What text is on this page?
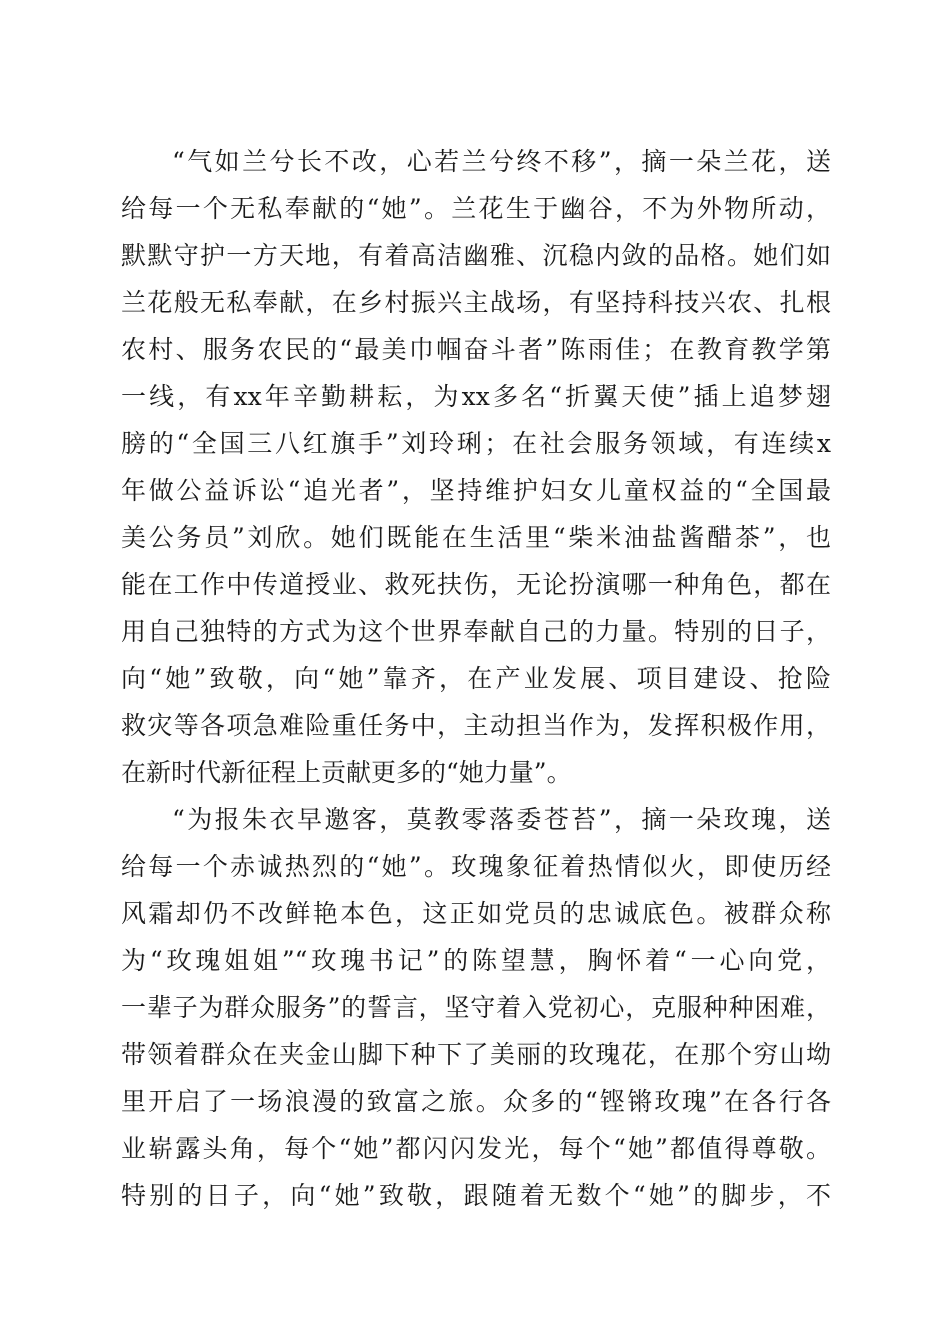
“气如兰兮长不改，心若兰兮终不移”，摘一朵兰花，送
给每一个无私奉献的“她”。兰花生于幽谷，不为外物所动，
默默守护一方天地，有着高洁幽雅、沉稳内敛的品格。她们如
兰花般无私奉献，在乡村振兴主战场，有坚持科技兴农、扎根
农村、服务农民的“最美巾帼奋斗者”陈雨佳；在教育教学第
一线，有xx年辛勤耕耘，为xx多名“折翼天使”插上追梦翅
膀的“全国三八红旗手”刘玲琍；在社会服务领域，有连续x
年做公益诉讼“追光者”，坚持维护妇女儿童权益的“全国最
美公务员”刘欣。她们既能在生活里“柴米油盐酱醋茶”，也
能在工作中传道授业、救死扶伤，无论扮演哪一种角色，都在
用自己独特的方式为这个世界奉献自己的力量。特别的日子，
向“她”致敬，向“她”靠齐，在产业发展、项目建设、抢险
救灾等各项急难险重任务中，主动担当作为，发挥积极作用，
在新时代新征程上贡献更多的“她力量”。
“为报朱衣早邀客，莫教零落委苍苔”，摘一朵玫瑰，送
给每一个赤诚热烈的“她”。玫瑰象征着热情似火，即使历经
风霜却仍不改鲜艳本色，这正如党员的忠诚底色。被群众称
为“玫瑰姐姐”“玫瑰书记”的陈望慧，胸怀着“一心向党，
一辈子为群众服务”的誓言，坚守着入党初心，克服种种困难，
带领着群众在夹金山脚下种下了美丽的玫瑰花，在那个穷山坳
里开启了一场浪漫的致富之旅。众多的“铿锵玫瑰”在各行各
业崭露头角，每个“她”都闪闪发光，每个“她”都值得尊敬。
特别的日子，向“她”致敬，跟随着无数个“她”的脚步，不
